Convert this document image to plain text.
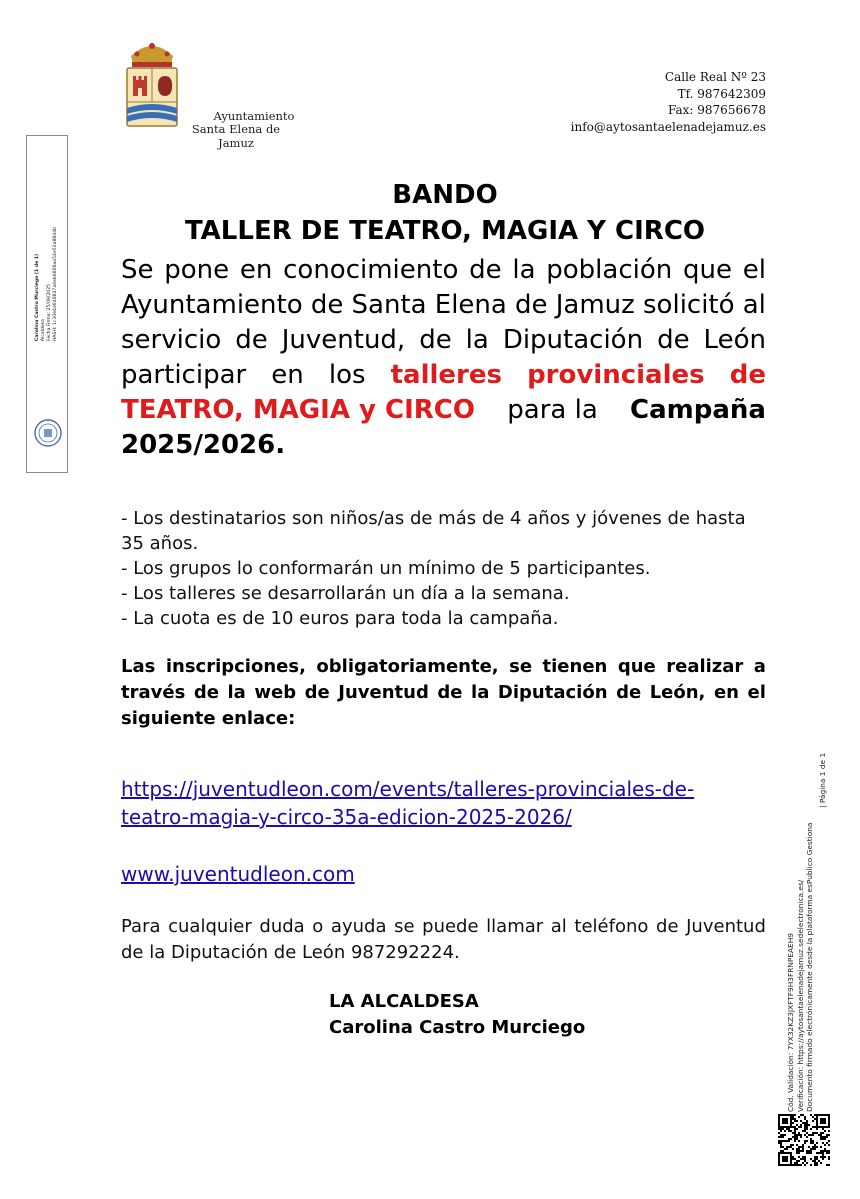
Ayuntamiento
Santa Elena de Jamuz
Calle Real Nº 23
Tf. 987642309
Fax: 987656678
info@aytosantaelenadejamuz.es
Carolina Castro Murciego (1 de 1) Alcaldesa Fecha Firma: 25/09/2025 HASH: 1c30e4e646847a4eb6806aa54e52a8844b
BANDO
TALLER DE TEATRO, MAGIA Y CIRCO
Se pone en conocimiento de la población que el
Ayuntamiento de Santa Elena de Jamuz solicitó al
servicio de Juventud, de la Diputación de León
participar en los talleres provinciales de
TEATRO, MAGIA y CIRCO para la Campaña
2025/2026.
- Los destinatarios son niños/as de más de 4 años y jóvenes de hasta
35 años.
- Los grupos lo conformarán un mínimo de 5 participantes.
- Los talleres se desarrollarán un día a la semana.
- La cuota es de 10 euros para toda la campaña.
Las inscripciones, obligatoriamente, se tienen que realizar a
través de la web de Juventud de la Diputación de León, en el
siguiente enlace:
https://juventudleon.com/events/talleres-provinciales-de-
teatro-magia-y-circo-35a-edicion-2025-2026/
www.juventudleon.com
Para cualquier duda o ayuda se puede llamar al teléfono de Juventud
de la Diputación de León 987292224.
LA ALCALDESA
Carolina Castro Murciego	Cód. Validación: 7YX32KZ3JXFTF9H3FRNPEAEH9 Verificación: https://aytosantaelenadejamuz.sedelectronica.es/ Documento firmado electrónicamente desde la plataforma esPublico Gestiona
| Página 1 de 1
